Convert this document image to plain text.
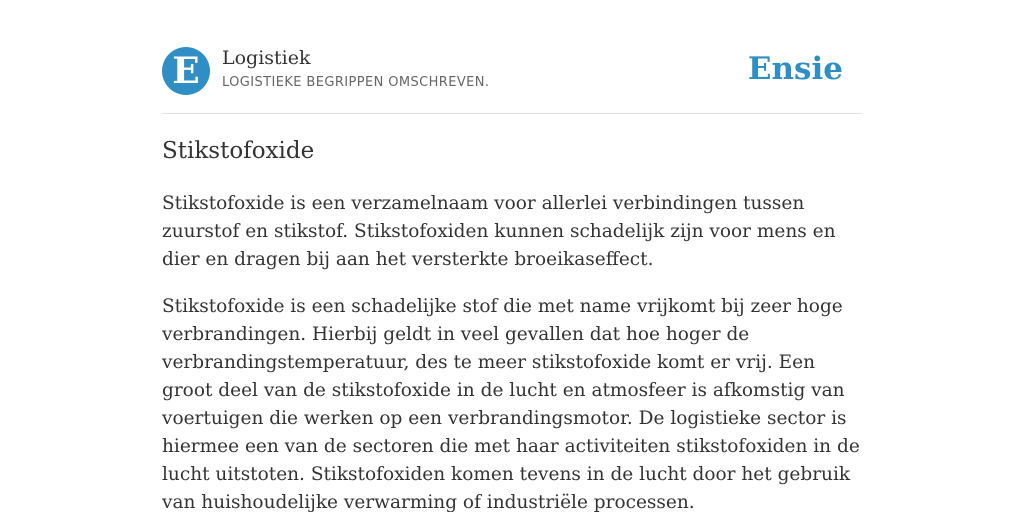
E	Logistiek
LOGISTIEKE BEGRIPPEN OMSCHREVEN.	Ensie
Stikstofoxide

Stikstofoxide is een verzamelnaam voor allerlei verbindingen tussen zuurstof en stikstof. Stikstofoxiden kunnen schadelijk zijn voor mens en dier en dragen bij aan het versterkte broeikaseffect.

Stikstofoxide is een schadelijke stof die met name vrijkomt bij zeer hoge verbrandingen. Hierbij geldt in veel gevallen dat hoe hoger de verbrandingstemperatuur, des te meer stikstofoxide komt er vrij. Een groot deel van de stikstofoxide in de lucht en atmosfeer is afkomstig van voertuigen die werken op een verbrandingsmotor. De logistieke sector is hiermee een van de sectoren die met haar activiteiten stikstofoxiden in de lucht uitstoten. Stikstofoxiden komen tevens in de lucht door het gebruik van huishoudelijke verwarming of industriële processen.
